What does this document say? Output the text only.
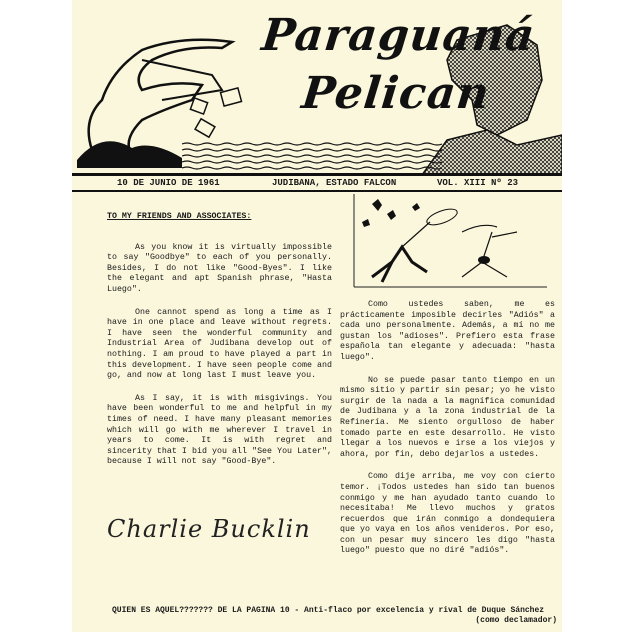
Paraguaná
Pelican
10 DE JUNIO DE 1961	JUDIBANA, ESTADO FALCON	VOL. XIII Nº 23
TO MY FRIENDS AND ASSOCIATES:

As you know it is virtually impossible to say "Goodbye" to each of you personally. Besides, I do not like "Good-Byes". I like the elegant and apt Spanish phrase, "Hasta Luego".

One cannot spend as long a time as I have in one place and leave without regrets. I have seen the wonderful community and Industrial Area of Judibana develop out of nothing. I am proud to have played a part in this development. I have seen people come and go, and now at long last I must leave you.

As I say, it is with misgivings. You have been wonderful to me and helpful in my times of need. I have many pleasant memories which will go with me wherever I travel in years to come. It is with regret and sincerity that I bid you all "See You Later", because I will not say "Good-Bye".

Charlie Bucklin

Como ustedes saben, me es prácticamente imposible decirles "Adiós" a cada uno personalmente. Además, a mí no me gustan los "adioses". Prefiero esta frase española tan elegante y adecuada: "hasta luego".

No se puede pasar tanto tiempo en un mismo sitio y partir sin pesar; yo he visto surgir de la nada a la magnífica comunidad de Judibana y a la zona industrial de la Refinería. Me siento orgulloso de haber tomado parte en este desarrollo. He visto llegar a los nuevos e irse a los viejos y ahora, por fin, debo dejarlos a ustedes.

Como dije arriba, me voy con cierto temor. ¡Todos ustedes han sido tan buenos conmigo y me han ayudado tanto cuando lo necesitaba! Me llevo muchos y gratos recuerdos que irán conmigo a dondequiera que yo vaya en los años venideros. Por eso, con un pesar muy sincero les digo "hasta luego" puesto que no diré "adiós".

QUIEN ES AQUEL??????? DE LA PAGINA 10 - Anti-flaco por excelencia y rival de Duque Sánchez
(como declamador)
